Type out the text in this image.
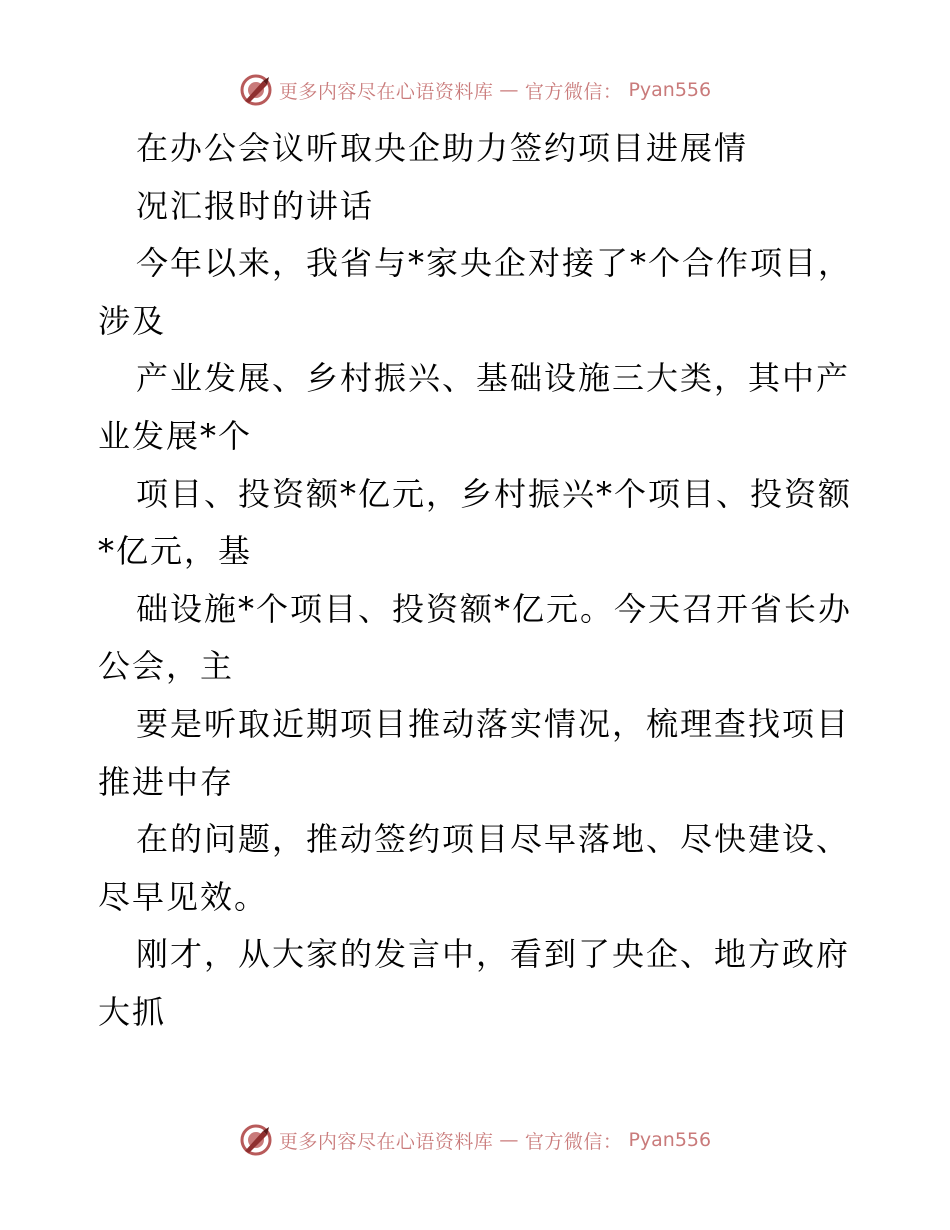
更多内容尽在心语资料库 — 官方微信： Pyan556
在办公会议听取央企助力签约项目进展情
况汇报时的讲话
今年以来，我省与*家央企对接了*个合作项目，
涉及
产业发展、乡村振兴、基础设施三大类，其中产
业发展*个
项目、投资额*亿元，乡村振兴*个项目、投资额
*亿元，基
础设施*个项目、投资额*亿元。今天召开省长办
公会，主
要是听取近期项目推动落实情况，梳理查找项目
推进中存
在的问题，推动签约项目尽早落地、尽快建设、
尽早见效。
刚才，从大家的发言中，看到了央企、地方政府
大抓
更多内容尽在心语资料库 — 官方微信： Pyan556
